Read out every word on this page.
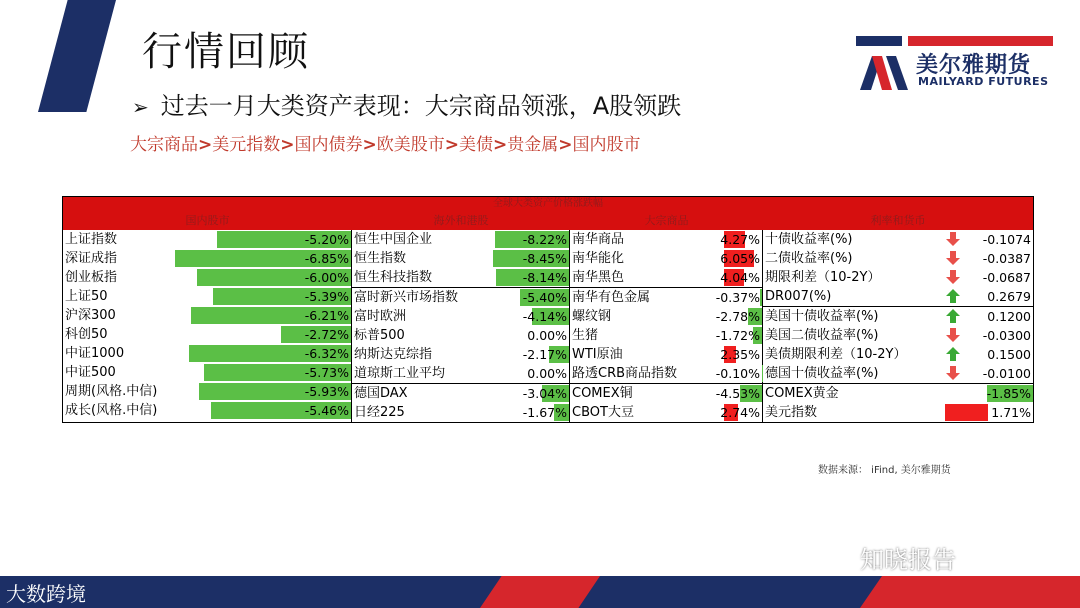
行情回顾
➢ 过去一月大类资产表现：大宗商品领涨，A股领跌
大宗商品>美元指数>国内债券>欧美股市>美债>贵金属>国内股市
美尔雅期货
MAILYARD FUTURES
全球大类资产价格涨跌幅
国内股市	海外和港股	大宗商品	利率和货币
上证指数	-5.20%
深证成指	-6.85%
创业板指	-6.00%
上证50	-5.39%
沪深300	-6.21%
科创50	-2.72%
中证1000	-6.32%
中证500	-5.73%
周期(风格.中信)	-5.93%
成长(风格.中信)	-5.46%
恒生中国企业	-8.22%
恒生指数	-8.45%
恒生科技指数	-8.14%
富时新兴市场指数	-5.40%
富时欧洲	-4.14%
标普500	0.00%
纳斯达克综指	-2.17%
道琼斯工业平均	0.00%
德国DAX	-3.04%
日经225	-1.67%
南华商品	4.27%
南华能化	6.05%
南华黑色	4.04%
南华有色金属	-0.37%
螺纹钢	-2.78%
生猪	-1.72%
WTI原油	2.35%
路透CRB商品指数	-0.10%
COMEX铜	-4.53%
CBOT大豆	2.74%
十债收益率(%)	-0.1074
二债收益率(%)	-0.0387
期限利差（10-2Y）	-0.0687
DR007(%)	0.2679
美国十债收益率(%)	0.1200
美国二债收益率(%)	-0.0300
美债期限利差（10-2Y）	0.1500
德国十债收益率(%)	-0.0100
COMEX黄金	-1.85%
美元指数	1.71%
数据来源： iFind, 美尔雅期货
知晓报告
大数跨境
